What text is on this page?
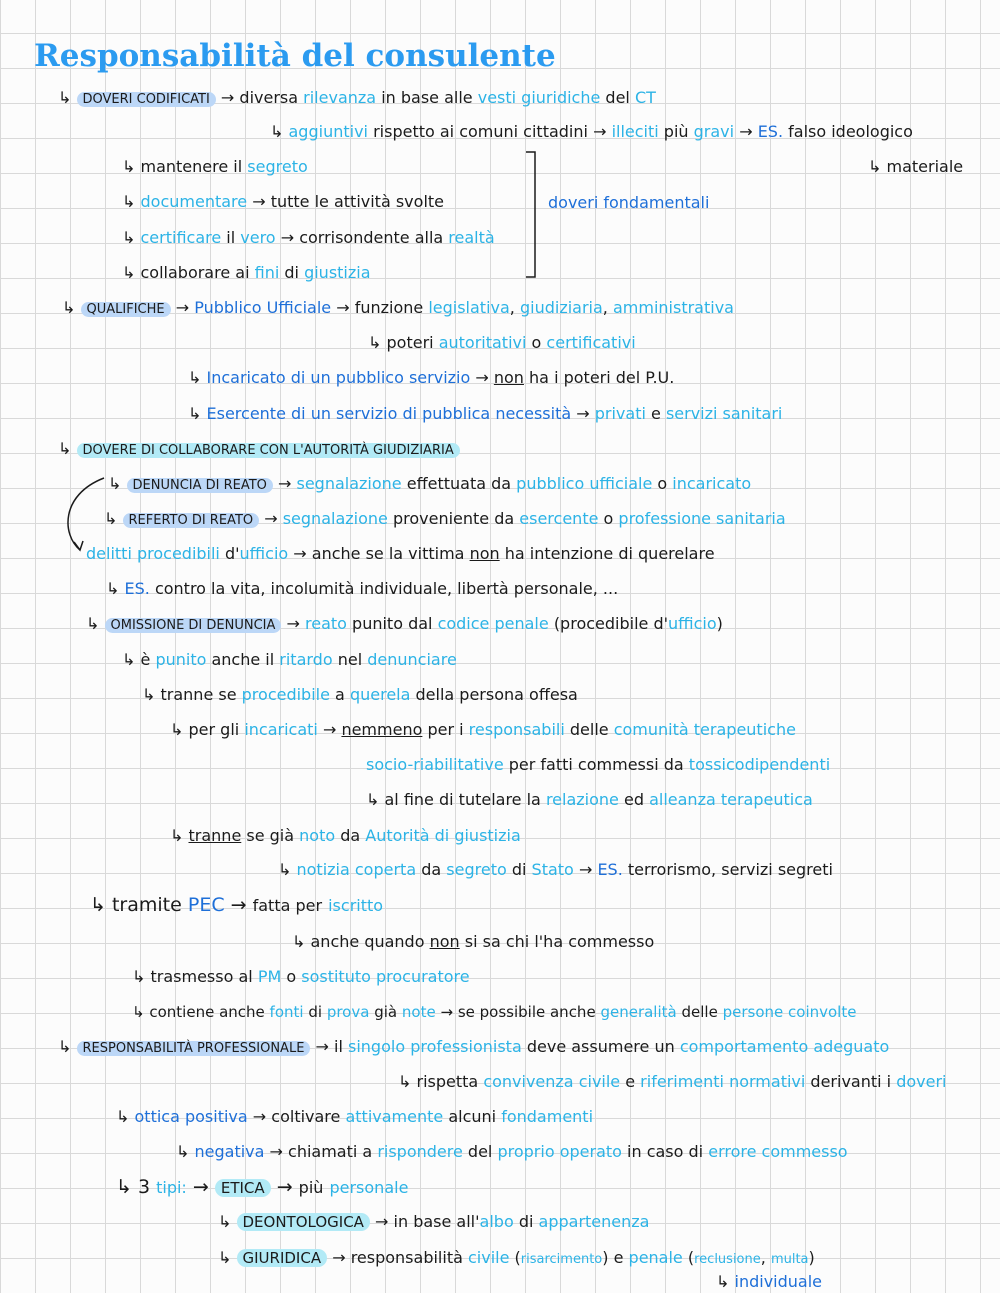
Responsabilità del consulente
↳ DOVERI CODIFICATI → diversa rilevanza in base alle vesti giuridiche del CT
↳ aggiuntivi rispetto ai comuni cittadini → illeciti più gravi → ES. falso ideologico
↳ materiale
↳ mantenere il segreto
↳ documentare → tutte le attività svolte
↳ certificare il vero → corrisondente alla realtà
↳ collaborare ai fini di giustizia
doveri fondamentali
↳ QUALIFICHE → Pubblico Ufficiale → funzione legislativa, giudiziaria, amministrativa
↳ poteri autoritativi o certificativi
↳ Incaricato di un pubblico servizio → non ha i poteri del P.U.
↳ Esercente di un servizio di pubblica necessità → privati e servizi sanitari
↳ DOVERE DI COLLABORARE CON L'AUTORITÀ GIUDIZIARIA
↳ DENUNCIA DI REATO → segnalazione effettuata da pubblico ufficiale o incaricato
↳ REFERTO DI REATO → segnalazione proveniente da esercente o professione sanitaria
delitti procedibili d'ufficio → anche se la vittima non ha intenzione di querelare
↳ ES. contro la vita, incolumità individuale, libertà personale, ...
↳ OMISSIONE DI DENUNCIA → reato punito dal codice penale (procedibile d'ufficio)
↳ è punito anche il ritardo nel denunciare
↳ tranne se procedibile a querela della persona offesa
↳ per gli incaricati → nemmeno per i responsabili delle comunità terapeutiche
socio-riabilitative per fatti commessi da tossicodipendenti
↳ al fine di tutelare la relazione ed alleanza terapeutica
↳ tranne se già noto da Autorità di giustizia
↳ notizia coperta da segreto di Stato → ES. terrorismo, servizi segreti
↳ tramite PEC → fatta per iscritto
↳ anche quando non si sa chi l'ha commesso
↳ trasmesso al PM o sostituto procuratore
↳ contiene anche fonti di prova già note → se possibile anche generalità delle persone coinvolte
↳ RESPONSABILITÀ PROFESSIONALE → il singolo professionista deve assumere un comportamento adeguato
↳ rispetta convivenza civile e riferimenti normativi derivanti i doveri
↳ ottica positiva → coltivare attivamente alcuni fondamenti
↳ negativa → chiamati a rispondere del proprio operato in caso di errore commesso
↳ 3 tipi: → ETICA → più personale
↳ DEONTOLOGICA → in base all'albo di appartenenza
↳ GIURIDICA → responsabilità civile (risarcimento) e penale (reclusione, multa)
↳ individuale
